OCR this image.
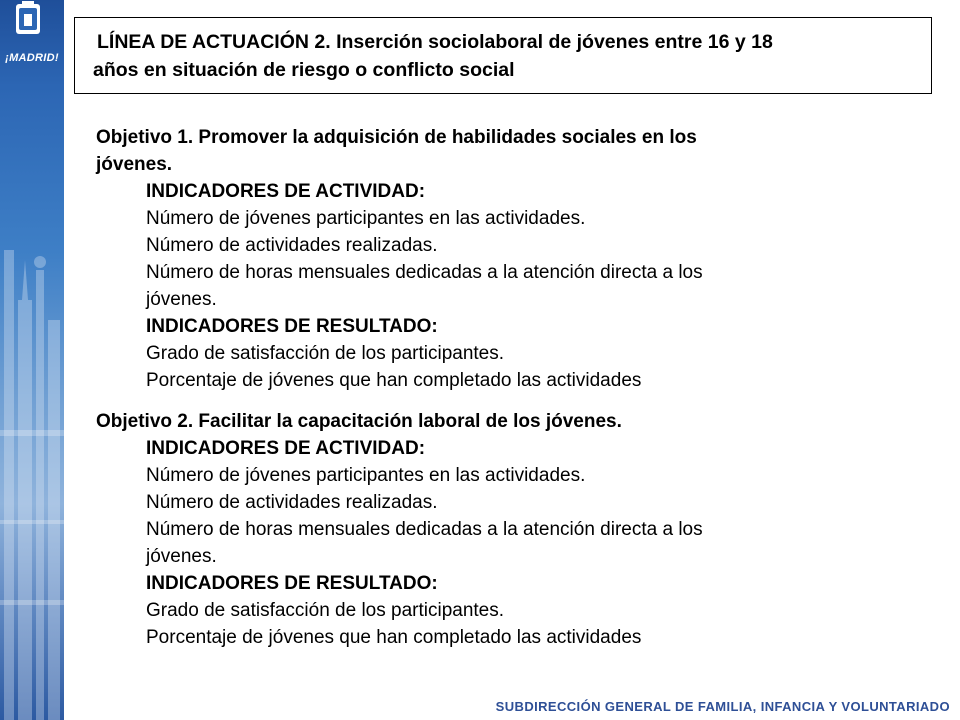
¡MADRID!
LÍNEA DE ACTUACIÓN 2. Inserción sociolaboral de jóvenes entre 16 y 18
años en situación de riesgo o conflicto social
Objetivo 1. Promover la adquisición de habilidades sociales en los
jóvenes.
INDICADORES DE ACTIVIDAD:
Número de jóvenes participantes en las actividades.
Número de actividades realizadas.
Número de horas mensuales dedicadas a la atención directa a los
jóvenes.
INDICADORES DE RESULTADO:
Grado de satisfacción de los participantes.
Porcentaje de jóvenes que han completado las actividades
Objetivo 2. Facilitar la capacitación laboral de los jóvenes.
INDICADORES DE ACTIVIDAD:
Número de jóvenes participantes en las actividades.
Número de actividades realizadas.
Número de horas mensuales dedicadas a la atención directa a los
jóvenes.
INDICADORES DE RESULTADO:
Grado de satisfacción de los participantes.
Porcentaje de jóvenes que han completado las actividades
SUBDIRECCIÓN GENERAL DE FAMILIA, INFANCIA Y VOLUNTARIADO
